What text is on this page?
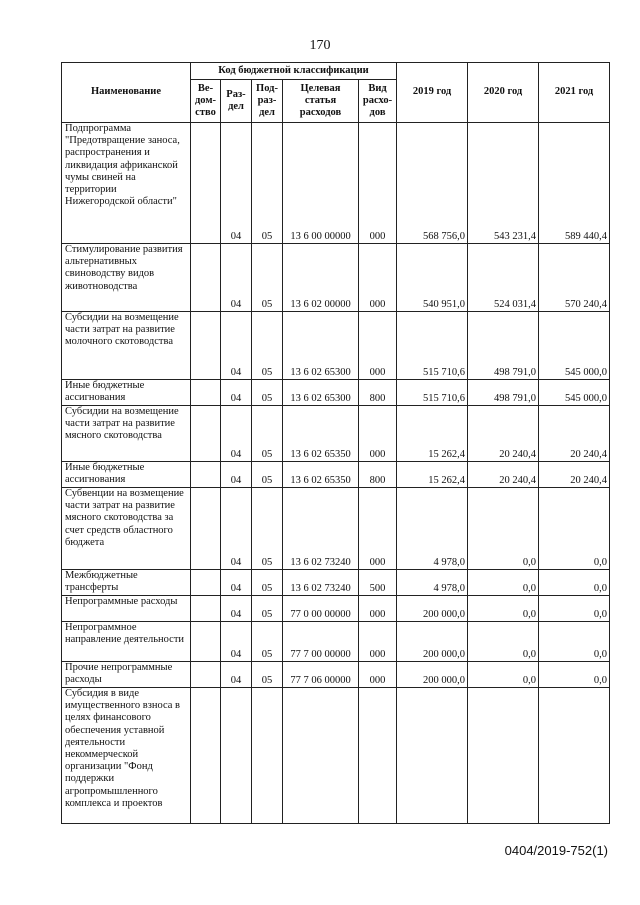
170
Наименование	Код бюджетной классификации					2019 год	2020 год	2021 год
	Ве-дом-ство	Раз-дел	Под-раз-дел	Целевая статья расходов	Вид расхо-дов			
Подпрограмма "Предотвращение заноса, распространения и ликвидация африканской чумы свиней на территории Нижегородской области"		04	05	13 6 00 00000	000	568 756,0	543 231,4	589 440,4
Стимулирование развития альтернативных свиноводству видов животноводства		04	05	13 6 02 00000	000	540 951,0	524 031,4	570 240,4
Субсидии на возмещение части затрат на развитие молочного скотоводства		04	05	13 6 02 65300	000	515 710,6	498 791,0	545 000,0
Иные бюджетные ассигнования		04	05	13 6 02 65300	800	515 710,6	498 791,0	545 000,0
Субсидии на возмещение части затрат на развитие мясного скотоводства		04	05	13 6 02 65350	000	15 262,4	20 240,4	20 240,4
Иные бюджетные ассигнования		04	05	13 6 02 65350	800	15 262,4	20 240,4	20 240,4
Субвенции на возмещение части затрат на развитие мясного скотоводства за счет средств областного бюджета		04	05	13 6 02 73240	000	4 978,0	0,0	0,0
Межбюджетные трансферты		04	05	13 6 02 73240	500	4 978,0	0,0	0,0
Непрограммные расходы		04	05	77 0 00 00000	000	200 000,0	0,0	0,0
Непрограммное направление деятельности		04	05	77 7 00 00000	000	200 000,0	0,0	0,0
Прочие непрограммные расходы		04	05	77 7 06 00000	000	200 000,0	0,0	0,0
Субсидия в виде имущественного взноса в целях финансового обеспечения уставной деятельности некоммерческой организации "Фонд поддержки агропромышленного комплекса и проектов								
0404/2019-752(1)
